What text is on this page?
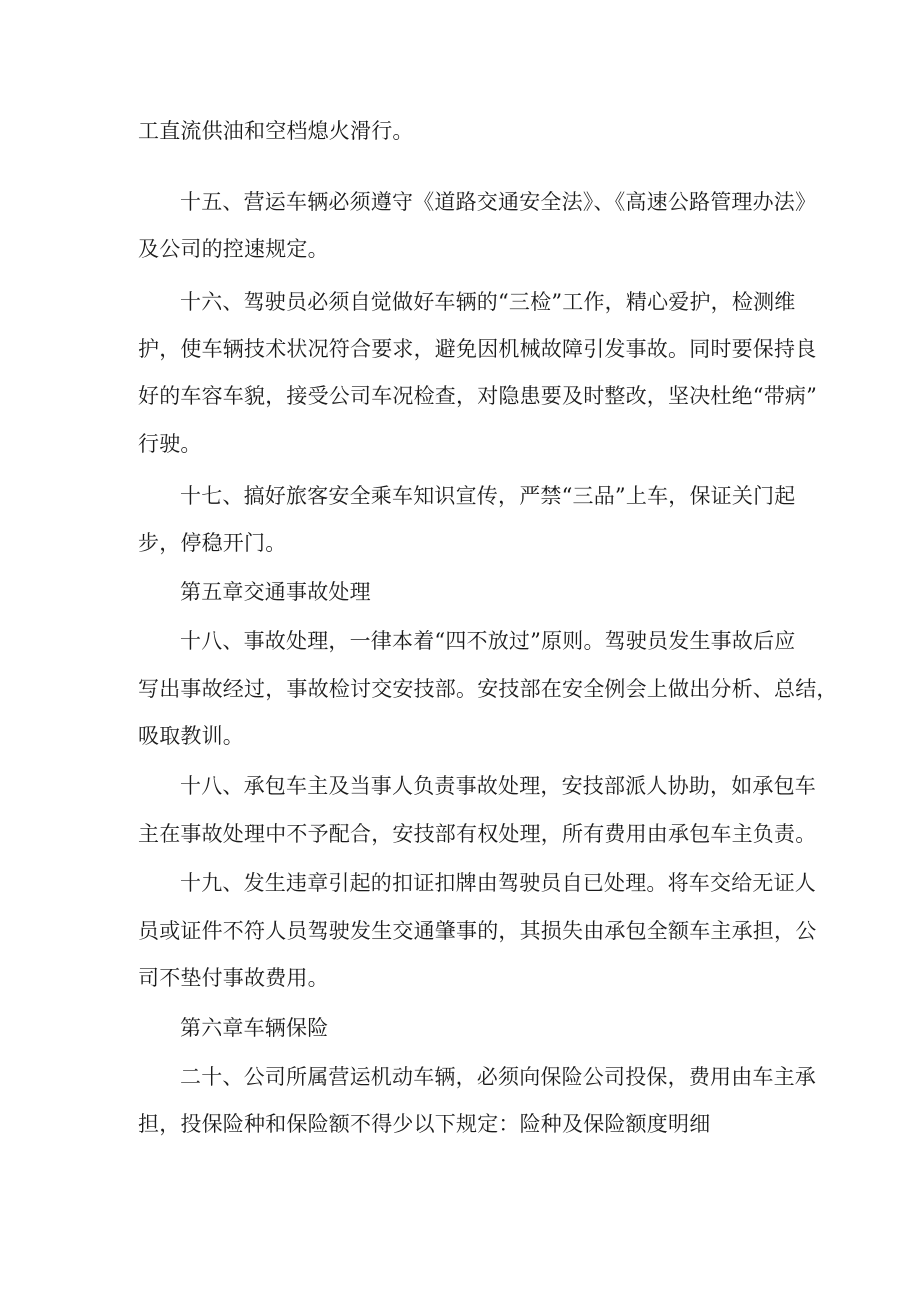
工直流供油和空档熄火滑行。
十五、营运车辆必须遵守《道路交通安全法》、《高速公路管理办法》
及公司的控速规定。
十六、驾驶员必须自觉做好车辆的“三检”工作，精心爱护，检测维
护，使车辆技术状况符合要求，避免因机械故障引发事故。同时要保持良
好的车容车貌，接受公司车况检查，对隐患要及时整改，坚决杜绝“带病”
行驶。
十七、搞好旅客安全乘车知识宣传，严禁“三品”上车，保证关门起
步，停稳开门。
第五章交通事故处理
十八、事故处理，一律本着“四不放过”原则。驾驶员发生事故后应
写出事故经过，事故检讨交安技部。安技部在安全例会上做出分析、总结，
吸取教训。
十八、承包车主及当事人负责事故处理，安技部派人协助，如承包车
主在事故处理中不予配合，安技部有权处理，所有费用由承包车主负责。
十九、发生违章引起的扣证扣牌由驾驶员自已处理。将车交给无证人
员或证件不符人员驾驶发生交通肇事的，其损失由承包全额车主承担，公
司不垫付事故费用。
第六章车辆保险
二十、公司所属营运机动车辆，必须向保险公司投保，费用由车主承
担，投保险种和保险额不得少以下规定：险种及保险额度明细
